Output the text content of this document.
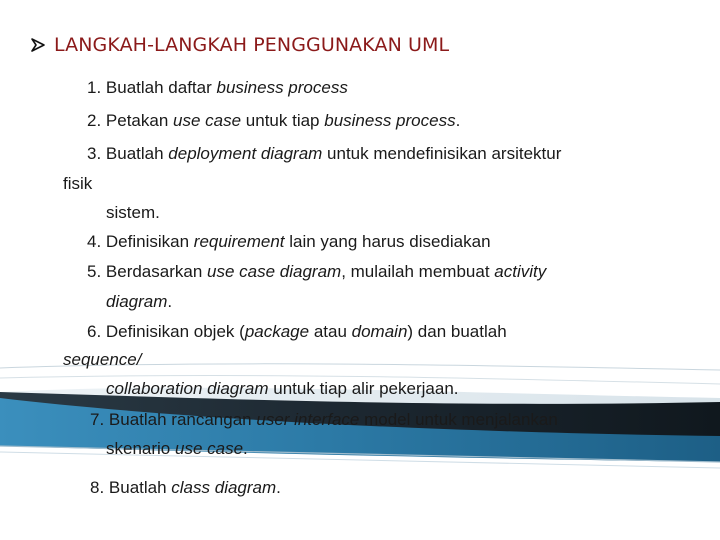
LANGKAH-LANGKAH PENGGUNAKAN UML
1. Buatlah daftar business process
2. Petakan use case untuk tiap business process.
3. Buatlah deployment diagram untuk mendefinisikan arsitektur
fisik
sistem.
4. Definisikan requirement lain yang harus disediakan
5. Berdasarkan use case diagram, mulailah membuat activity
diagram.
6. Definisikan objek (package atau domain) dan buatlah
sequence/
collaboration diagram untuk tiap alir pekerjaan.
7. Buatlah rancangan user interface model untuk menjalankan
skenario use case.
8. Buatlah class diagram.
